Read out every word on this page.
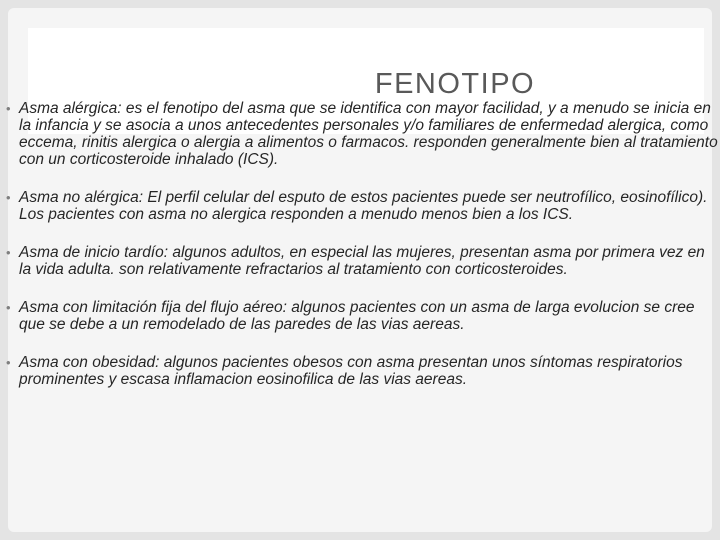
FENOTIPO
• Asma alérgica: es el fenotipo del asma que se identifica con mayor facilidad, y a menudo se inicia en la infancia y se asocia a unos antecedentes personales y/o familiares de enfermedad alergica, como eccema, rinitis alergica o alergia a alimentos o farmacos. responden generalmente bien al tratamiento con un corticosteroide inhalado (ICS).
• Asma no alérgica: El perfil celular del esputo de estos pacientes puede ser neutrofílico, eosinofílico). Los pacientes con asma no alergica responden a menudo menos bien a los ICS.
• Asma de inicio tardío: algunos adultos, en especial las mujeres, presentan asma por primera vez en la vida adulta. son relativamente refractarios al tratamiento con corticosteroides.
• Asma con limitación fija del flujo aéreo: algunos pacientes con un asma de larga evolucion se cree que se debe a un remodelado de las paredes de las vias aereas.
• Asma con obesidad: algunos pacientes obesos con asma presentan unos síntomas respiratorios prominentes y escasa inflamacion eosinofilica de las vias aereas.
